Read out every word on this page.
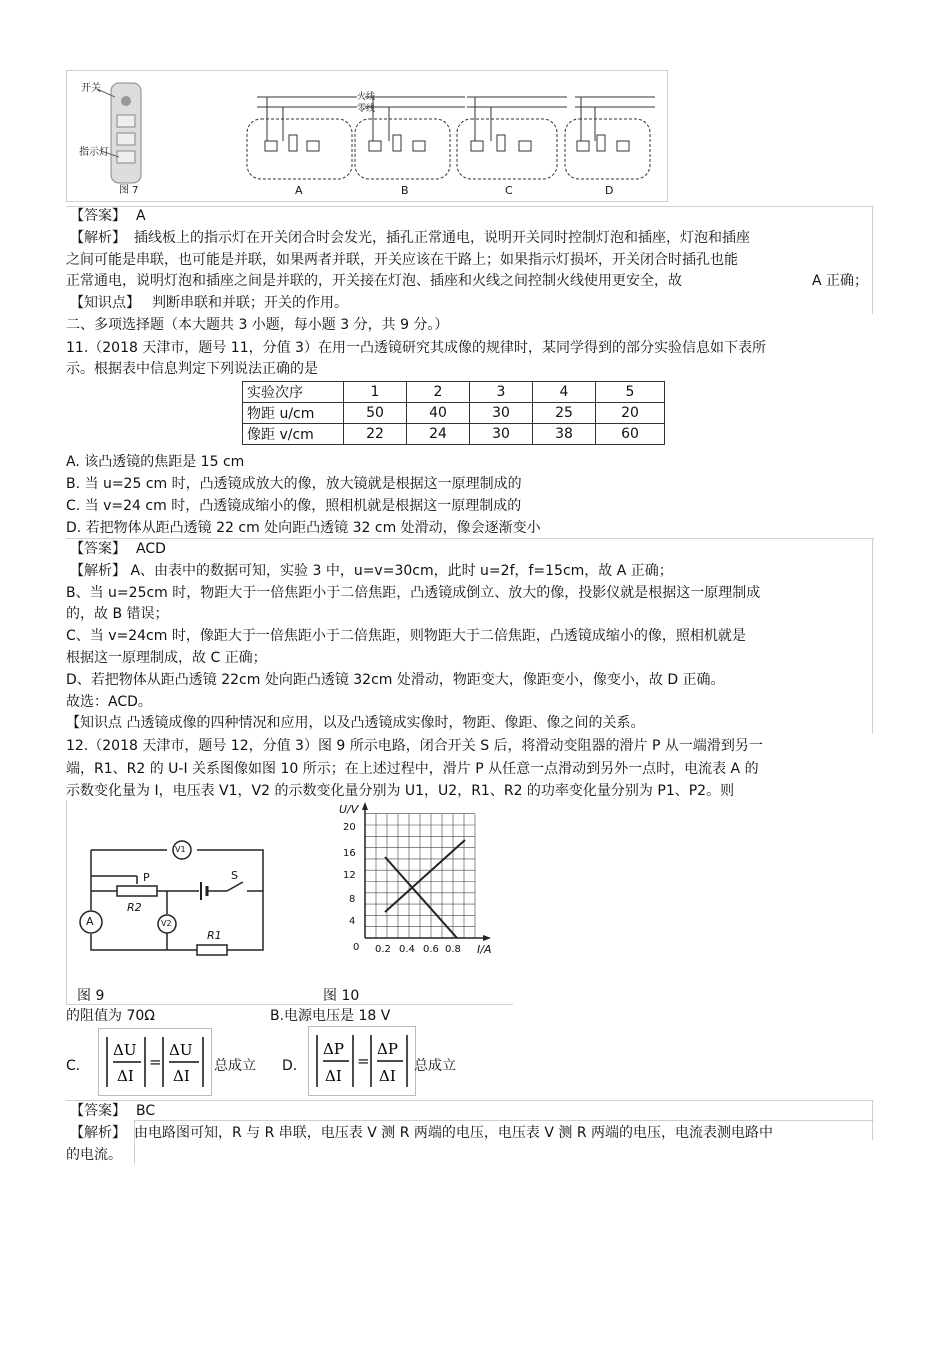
开关
指示灯
图 7
火线
零线
A	B	C	D
【答案】 A
【解析】 插线板上的指示灯在开关闭合时会发光，插孔正常通电，说明开关同时控制灯泡和插座，灯泡和插座
之间可能是串联，也可能是并联，如果两者并联，开关应该在干路上；如果指示灯损坏，开关闭合时插孔也能
正常通电，说明灯泡和插座之间是并联的，开关接在灯泡、插座和火线之间控制火线使用更安全，故	A 正确；
【知识点】 判断串联和并联；开关的作用。
二、多项选择题（本大题共 3 小题，每小题 3 分，共 9 分。）
11.（2018 天津市，题号 11，分值 3）在用一凸透镜研究其成像的规律时，某同学得到的部分实验信息如下表所
示。根据表中信息判定下列说法正确的是
实验次序	1	2	3	4	5
物距 u/cm	50	40	30	25	20
像距 v/cm	22	24	30	38	60
A. 该凸透镜的焦距是 15 cm
B. 当 u=25 cm 时，凸透镜成放大的像，放大镜就是根据这一原理制成的
C. 当 v=24 cm 时，凸透镜成缩小的像，照相机就是根据这一原理制成的
D. 若把物体从距凸透镜 22 cm 处向距凸透镜 32 cm 处滑动，像会逐渐变小
【答案】 ACD
【解析】 A、由表中的数据可知，实验 3 中，u=v=30cm，此时 u=2f，f=15cm，故 A 正确；
B、当 u=25cm 时，物距大于一倍焦距小于二倍焦距，凸透镜成倒立、放大的像，投影仪就是根据这一原理制成
的，故 B 错误；
C、当 v=24cm 时，像距大于一倍焦距小于二倍焦距，则物距大于二倍焦距，凸透镜成缩小的像，照相机就是
根据这一原理制成，故 C 正确；
D、若把物体从距凸透镜 22cm 处向距凸透镜 32cm 处滑动，物距变大，像距变小，像变小，故 D 正确。
故选：ACD。
【知识点 凸透镜成像的四种情况和应用，以及凸透镜成实像时，物距、像距、像之间的关系。
12.（2018 天津市，题号 12，分值 3）图 9 所示电路，闭合开关 S 后，将滑动变阻器的滑片 P 从一端滑到另一
端，R1、R2 的 U-I 关系图像如图 10 所示；在上述过程中，滑片 P 从任意一点滑动到另外一点时，电流表 A 的
示数变化量为 I，电压表 V1，V2 的示数变化量分别为 U1，U2，R1、R2 的功率变化量分别为 P1、P2。则
V1
V2
A
P	S
R2
R1
图 9	图 10
U/V
I/A
20
16
12
8
4
0 0.2 0.4 0.6 0.8
的阻值为 70Ω	B.电源电压是 18 V
C．
ΔU
ΔI
=
ΔU
ΔI
总成立 D．
ΔP
ΔI
=
ΔP
ΔI
总成立
【答案】 BC
【解析】 由电路图可知，R 与 R 串联，电压表 V 测 R 两端的电压，电压表 V 测 R 两端的电压，电流表测电路中
的电流。
